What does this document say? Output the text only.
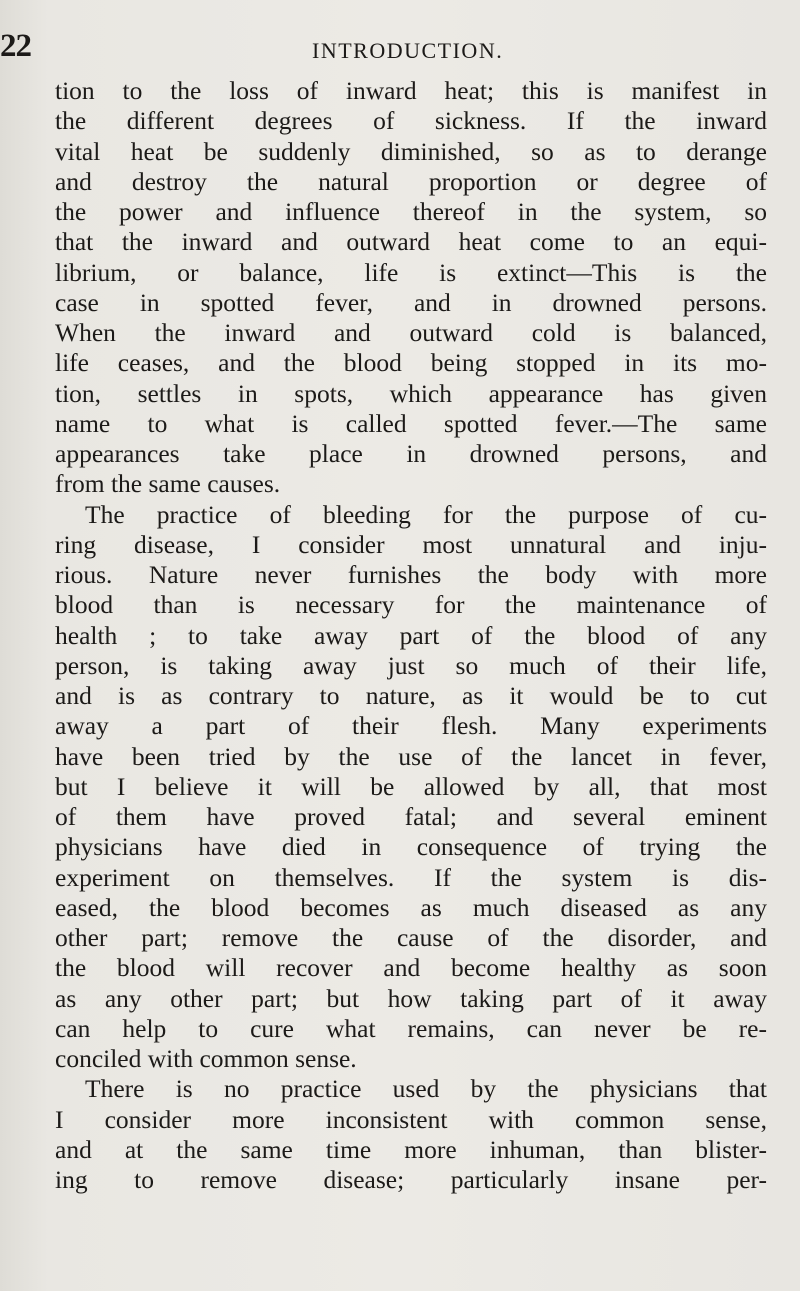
22	INTRODUCTION.
tion to the loss of inward heat; this is manifest in
the different degrees of sickness. If the inward
vital heat be suddenly diminished, so as to derange
and destroy the natural proportion or degree of
the power and influence thereof in the system, so
that the inward and outward heat come to an equi-
librium, or balance, life is extinct—This is the
case in spotted fever, and in drowned persons.
When the inward and outward cold is balanced,
life ceases, and the blood being stopped in its mo-
tion, settles in spots, which appearance has given
name to what is called spotted fever.—The same
appearances take place in drowned persons, and
from the same causes.
The practice of bleeding for the purpose of cu-
ring disease, I consider most unnatural and inju-
rious. Nature never furnishes the body with more
blood than is necessary for the maintenance of
health ; to take away part of the blood of any
person, is taking away just so much of their life,
and is as contrary to nature, as it would be to cut
away a part of their flesh. Many experiments
have been tried by the use of the lancet in fever,
but I believe it will be allowed by all, that most
of them have proved fatal; and several eminent
physicians have died in consequence of trying the
experiment on themselves. If the system is dis-
eased, the blood becomes as much diseased as any
other part; remove the cause of the disorder, and
the blood will recover and become healthy as soon
as any other part; but how taking part of it away
can help to cure what remains, can never be re-
conciled with common sense.
There is no practice used by the physicians that
I consider more inconsistent with common sense,
and at the same time more inhuman, than blister-
ing to remove disease; particularly insane per-
